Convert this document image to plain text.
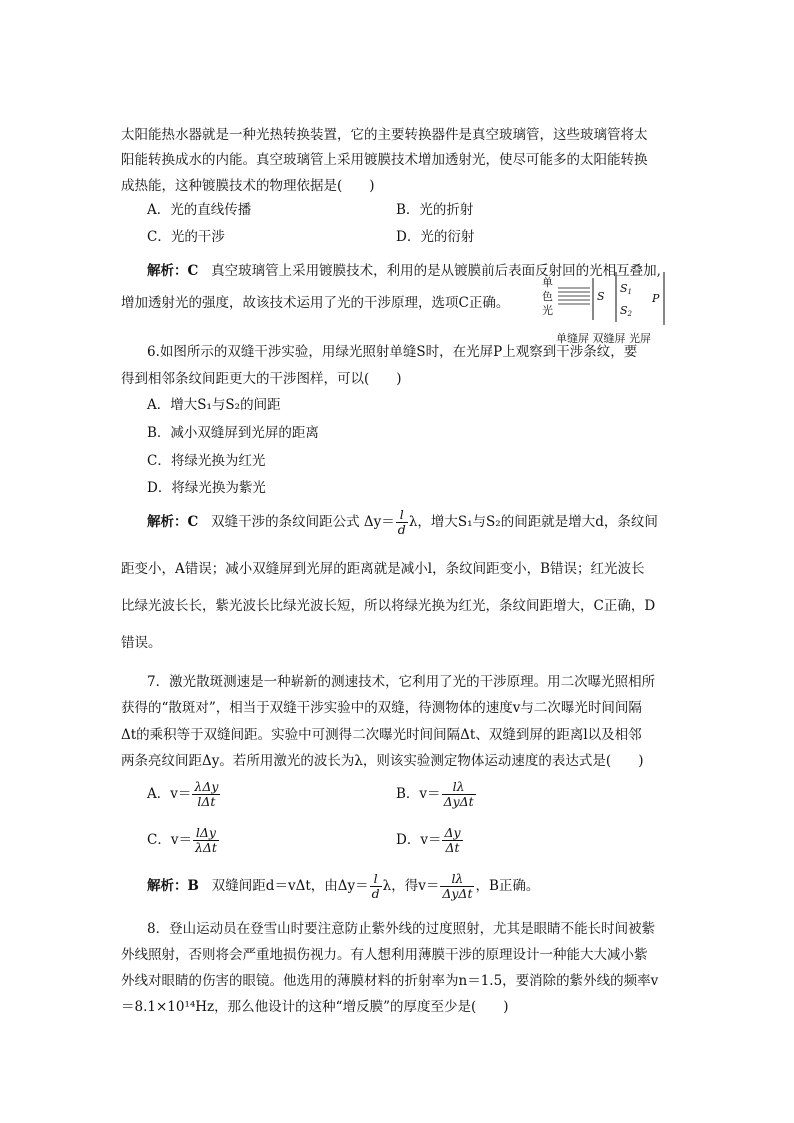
太阳能热水器就是一种光热转换装置，它的主要转换器件是真空玻璃管，这些玻璃管将太
阳能转换成水的内能。真空玻璃管上采用镀膜技术增加透射光，使尽可能多的太阳能转换
成热能，这种镀膜技术的物理依据是(　　)
A．光的直线传播	B．光的折射
C．光的干涉	D．光的衍射
解析：C 真空玻璃管上采用镀膜技术，利用的是从镀膜前后表面反射回的光相互叠加,
增加透射光的强度，故该技术运用了光的干涉原理，选项C正确。
单
色
光
S
S1
S2
P
单缝屏 双缝屏 光屏
6.如图所示的双缝干涉实验，用绿光照射单缝S时，在光屏P上观察到干涉条纹，要
得到相邻条纹间距更大的干涉图样，可以(　　)
A．增大S₁与S₂的间距
B．减小双缝屏到光屏的距离
C．将绿光换为红光
D．将绿光换为紫光
解析：C 双缝干涉的条纹间距公式 $\Delta y= \frac{l}{d}$ λ，增大S₁与S₂的间距就是增大d，条纹间
距变小，A错误；减小双缝屏到光屏的距离就是减小l，条纹间距变小，B错误；红光波长
比绿光波长长，紫光波长比绿光波长短，所以将绿光换为红光，条纹间距增大，C正确，D
错误。
7．激光散斑测速是一种崭新的测速技术，它利用了光的干涉原理。用二次曝光照相所
获得的“散斑对”，相当于双缝干涉实验中的双缝，待测物体的速度v与二次曝光时间间隔
Δt的乘积等于双缝间距。实验中可测得二次曝光时间间隔Δt、双缝到屏的距离l以及相邻
两条亮纹间距Δy。若所用激光的波长为λ，则该实验测定物体运动速度的表达式是(　　)
A．$v= \frac{\text{λΔy}}{\text{lΔt}}$	B．$v= \frac{l\lambda}{\text{ΔyΔt}}$
C．$v= \frac{\text{lΔy}}{\text{λΔt}}$	D．$v= \frac{\Delta y}{\Delta t}$
解析：B 双缝间距d＝vΔt，由$\Delta y= \frac{l}{d}$ λ，得$v= \frac{l\lambda}{\text{ΔyΔt}}$ ，B正确。
8．登山运动员在登雪山时要注意防止紫外线的过度照射，尤其是眼睛不能长时间被紫
外线照射，否则将会严重地损伤视力。有人想利用薄膜干涉的原理设计一种能大大减小紫
外线对眼睛的伤害的眼镜。他选用的薄膜材料的折射率为n＝1.5，要消除的紫外线的频率v
＝8.1×10¹⁴Hz，那么他设计的这种“增反膜”的厚度至少是(　　)
